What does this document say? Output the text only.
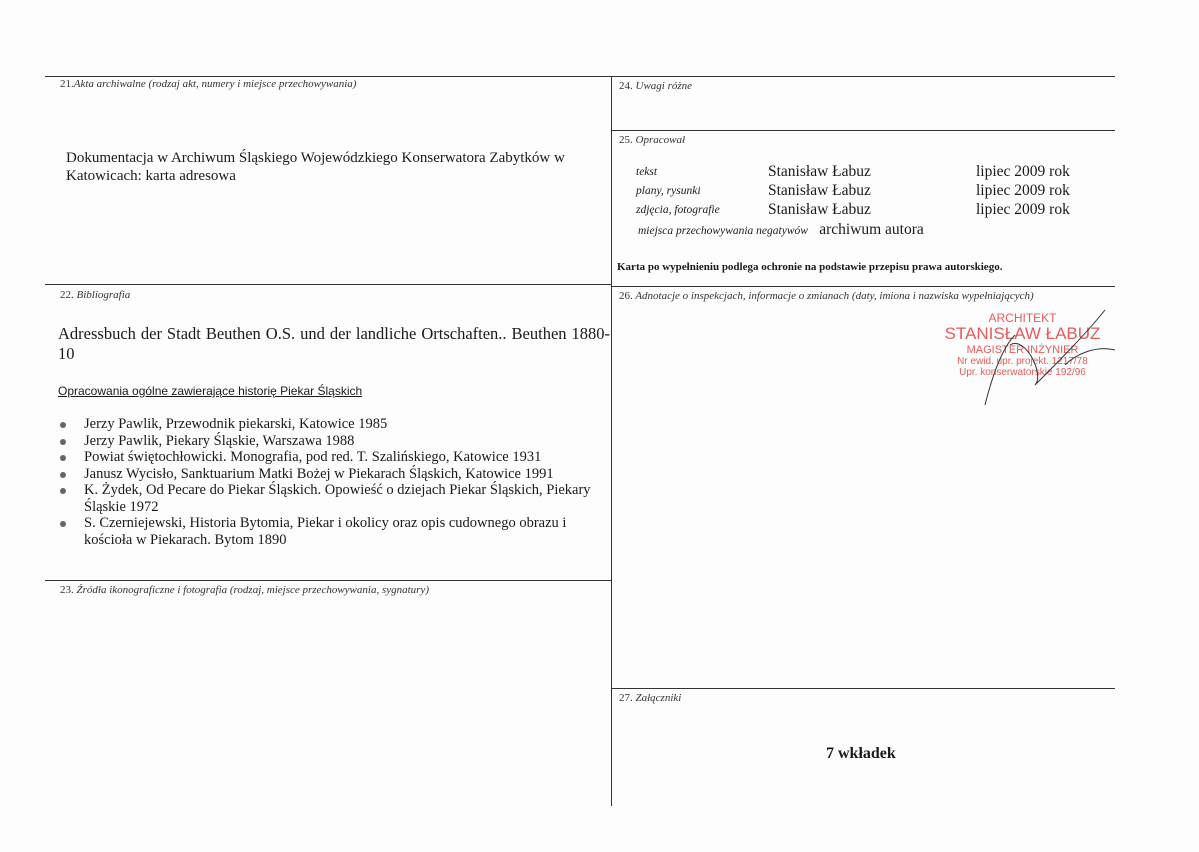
21.Akta archiwalne (rodzaj akt, numery i miejsce przechowywania)
Dokumentacja w Archiwum Śląskiego Wojewódzkiego Konserwatora Zabytków w Katowicach: karta adresowa
22. Bibliografia
Adressbuch der Stadt Beuthen O.S. und der landliche Ortschaften.. Beuthen 1880-10
Opracowania ogólne zawierające historię Piekar Śląskich
Jerzy Pawlik, Przewodnik piekarski, Katowice 1985
Jerzy Pawlik, Piekary Śląskie, Warszawa 1988
Powiat świętochłowicki. Monografia, pod red. T. Szalińskiego, Katowice 1931
Janusz Wycisło, Sanktuarium Matki Bożej w Piekarach Śląskich, Katowice 1991
K. Żydek, Od Pecare do Piekar Śląskich. Opowieść o dziejach Piekar Śląskich, Piekary Śląskie 1972
S. Czerniejewski, Historia Bytomia, Piekar i okolicy oraz opis cudownego obrazu i kościoła w Piekarach. Bytom 1890
23. Źródła ikonograficzne i fotografia (rodzaj, miejsce przechowywania, sygnatury)
24. Uwagi różne
25. Opracował
tekst	Stanisław Łabuz	lipiec 2009 rok
plany, rysunki	Stanisław Łabuz	lipiec 2009 rok
zdjęcia, fotografie	Stanisław Łabuz	lipiec 2009 rok
miejsca przechowywania negatywów archiwum autora
Karta po wypełnieniu podlega ochronie na podstawie przepisu prawa autorskiego.
26. Adnotacje o inspekcjach, informacje o zmianach (daty, imiona i nazwiska wypełniających)
ARCHITEKT
STANISŁAW ŁABUZ
MAGISTER INŻYNIER
Nr ewid. upr. projekt. 1217/78
Upr. konserwatorskie 192/96
27. Załączniki
7 wkładek
